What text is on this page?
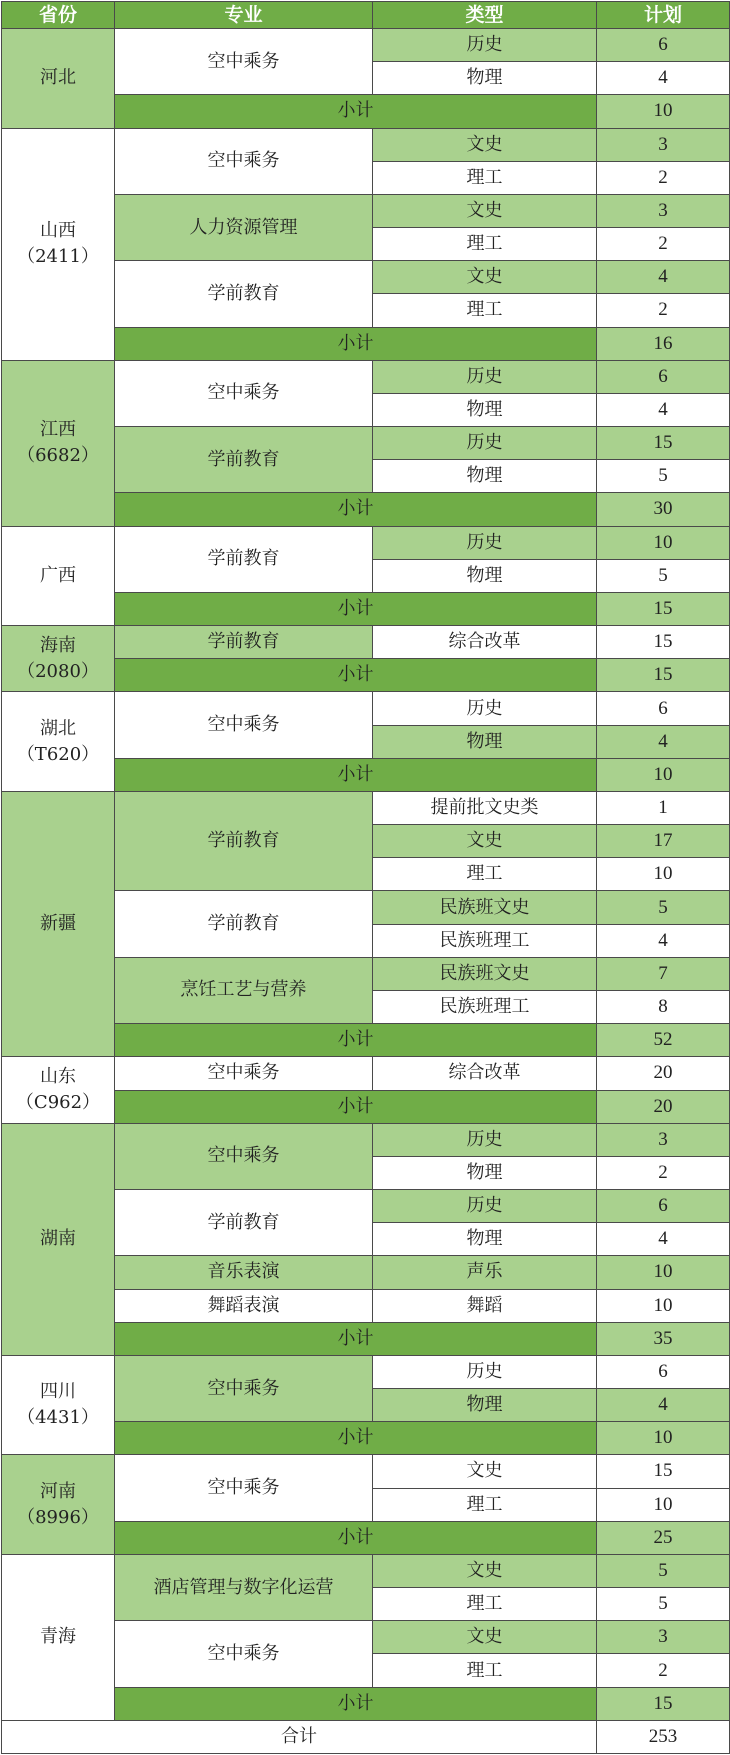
省份	专业	类型	计划

河北	空中乘务	历史	6
		物理	4
	小计		10

山西
（2411）	空中乘务	文史	3
		理工	2
	人力资源管理	文史	3
		理工	2
	学前教育	文史	4
		理工	2
	小计		16

江西
（6682）	空中乘务	历史	6
		物理	4
	学前教育	历史	15
		物理	5
	小计		30

广西	学前教育	历史	10
		物理	5
	小计		15

海南
（2080）	学前教育	综合改革	15
	小计		15

湖北
（T620）	空中乘务	历史	6
		物理	4
	小计		10

新疆	学前教育	提前批文史类	1
		文史	17
		理工	10
	学前教育	民族班文史	5
		民族班理工	4
	烹饪工艺与营养	民族班文史	7
		民族班理工	8
	小计		52

山东
（C962）	空中乘务	综合改革	20
	小计		20

湖南	空中乘务	历史	3
		物理	2
	学前教育	历史	6
		物理	4
	音乐表演	声乐	10
	舞蹈表演	舞蹈	10
	小计		35

四川
（4431）	空中乘务	历史	6
		物理	4
	小计		10

河南
（8996）	空中乘务	文史	15
		理工	10
	小计		25

青海	酒店管理与数字化运营	文史	5
		理工	5
	空中乘务	文史	3
		理工	2
	小计		15
合计			253
